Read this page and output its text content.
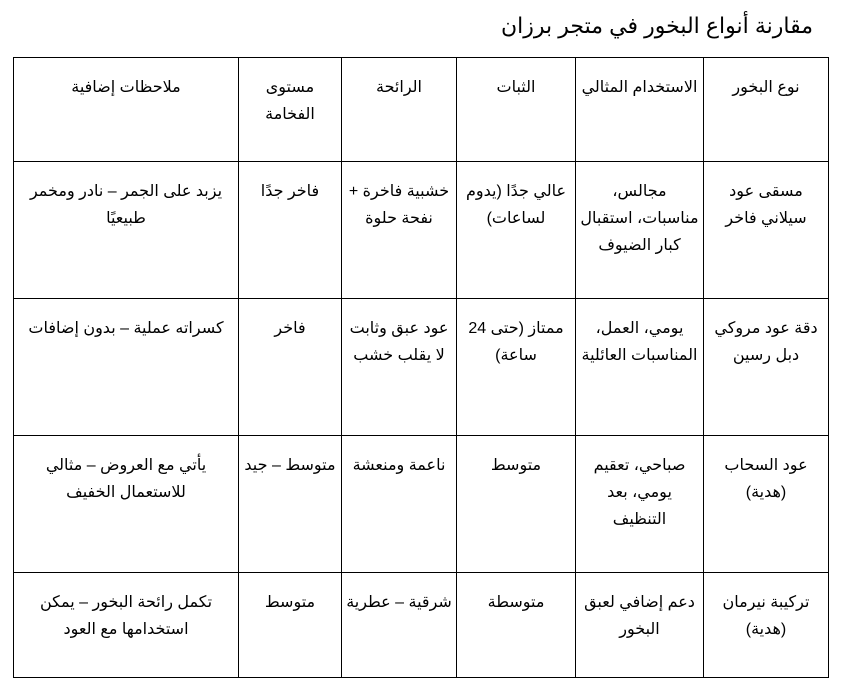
مقارنة أنواع البخور في متجر برزان
نوع البخور	الاستخدام المثالي	الثبات	الرائحة	مستوى الفخامة	ملاحظات إضافية
مسقى عود سيلاني فاخر	مجالس، مناسبات، استقبال كبار الضيوف	عالي جدًا (يدوم لساعات)	خشبية فاخرة + نفحة حلوة	فاخر جدًا	يزبد على الجمر – نادر ومخمر طبيعيًا
دقة عود مروكي دبل رسين	يومي، العمل، المناسبات العائلية	ممتاز (حتى 24 ساعة)	عود عبق وثابت لا يقلب خشب	فاخر	كسراته عملية – بدون إضافات
عود السحاب (هدية)	صباحي، تعقيم يومي، بعد التنظيف	متوسط	ناعمة ومنعشة	متوسط – جيد	يأتي مع العروض – مثالي للاستعمال الخفيف
تركيبة نيرمان (هدية)	دعم إضافي لعبق البخور	متوسطة	شرقية – عطرية	متوسط	تكمل رائحة البخور – يمكن استخدامها مع العود
